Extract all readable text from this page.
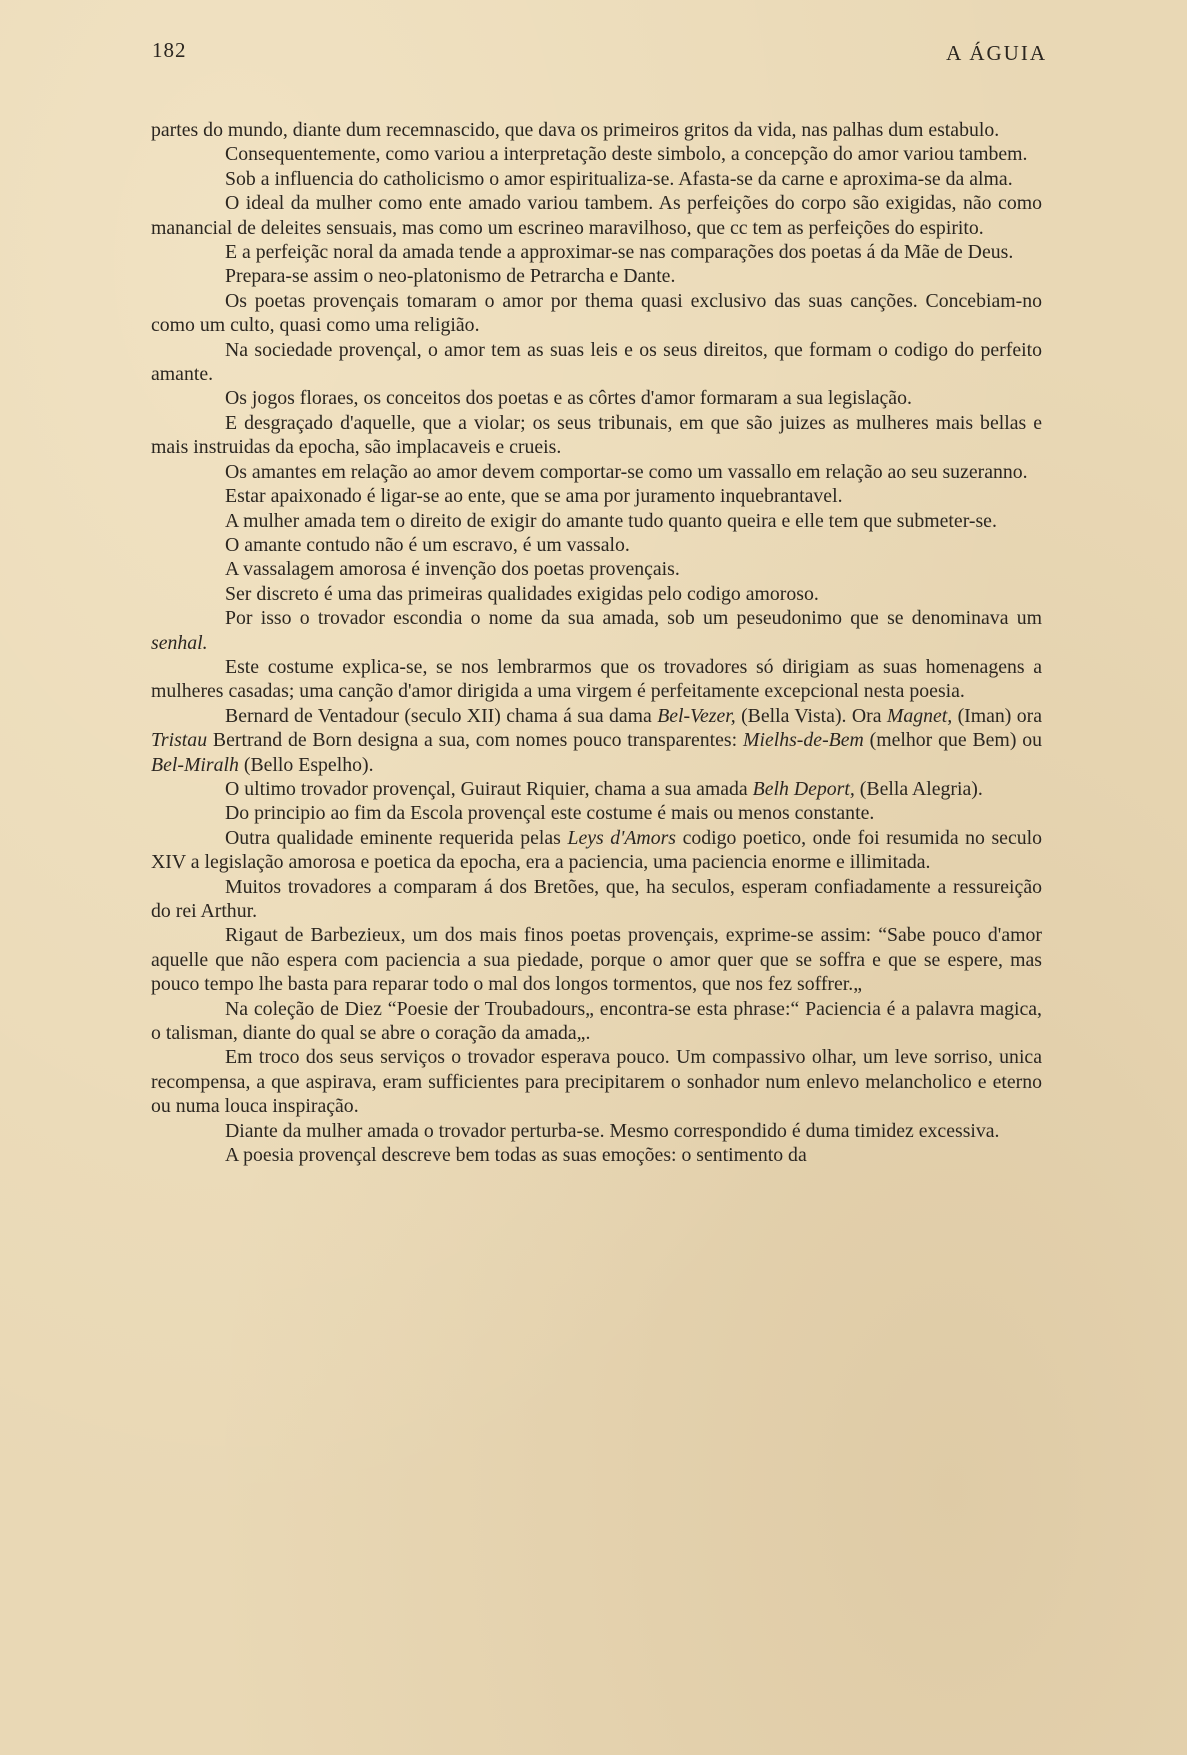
182	A ÁGUIA

partes do mundo, diante dum recemnascido, que dava os primeiros gritos da vida, nas palhas dum estabulo.

Consequentemente, como variou a interpretação deste simbolo, a concepção do amor variou tambem.

Sob a influencia do catholicismo o amor espiritualiza-se. Afasta-se da carne e aproxima-se da alma.

O ideal da mulher como ente amado variou tambem. As perfeições do corpo são exigidas, não como manancial de deleites sensuais, mas como um escrineo maravilhoso, que cc tem as perfeições do espirito.

E a perfeiçãc noral da amada tende a approximar-se nas comparações dos poetas á da Mãe de Deus.

Prepara-se assim o neo-platonismo de Petrarcha e Dante.

Os poetas provençais tomaram o amor por thema quasi exclusivo das suas canções. Concebiam-no como um culto, quasi como uma religião.

Na sociedade provençal, o amor tem as suas leis e os seus direitos, que formam o codigo do perfeito amante.

Os jogos floraes, os conceitos dos poetas e as côrtes d'amor formaram a sua legislação.

E desgraçado d'aquelle, que a violar; os seus tribunais, em que são juizes as mulheres mais bellas e mais instruidas da epocha, são implacaveis e crueis.

Os amantes em relação ao amor devem comportar-se como um vassallo em relação ao seu suzeranno.

Estar apaixonado é ligar-se ao ente, que se ama por juramento inquebrantavel.

A mulher amada tem o direito de exigir do amante tudo quanto queira e elle tem que submeter-se.

O amante contudo não é um escravo, é um vassalo.

A vassalagem amorosa é invenção dos poetas provençais.

Ser discreto é uma das primeiras qualidades exigidas pelo codigo amoroso.

Por isso o trovador escondia o nome da sua amada, sob um peseudonimo que se denominava um senhal.

Este costume explica-se, se nos lembrarmos que os trovadores só dirigiam as suas homenagens a mulheres casadas; uma canção d'amor dirigida a uma virgem é perfeitamente excepcional nesta poesia.

Bernard de Ventadour (seculo XII) chama á sua dama Bel-Vezer, (Bella Vista). Ora Magnet, (Iman) ora Tristau Bertrand de Born designa a sua, com nomes pouco transparentes: Mielhs-de-Bem (melhor que Bem) ou Bel-Miralh (Bello Espelho).

O ultimo trovador provençal, Guiraut Riquier, chama a sua amada Belh Deport, (Bella Alegria).

Do principio ao fim da Escola provençal este costume é mais ou menos constante.

Outra qualidade eminente requerida pelas Leys d'Amors codigo poetico, onde foi resumida no seculo XIV a legislação amorosa e poetica da epocha, era a paciencia, uma paciencia enorme e illimitada.

Muitos trovadores a comparam á dos Bretões, que, ha seculos, esperam confiadamente a ressureição do rei Arthur.

Rigaut de Barbezieux, um dos mais finos poetas provençais, exprime-se assim: “Sabe pouco d'amor aquelle que não espera com paciencia a sua piedade, porque o amor quer que se soffra e que se espere, mas pouco tempo lhe basta para reparar todo o mal dos longos tormentos, que nos fez soffrer.„

Na coleção de Diez “Poesie der Troubadours„ encontra-se esta phrase:“ Paciencia é a palavra magica, o talisman, diante do qual se abre o coração da amada„.

Em troco dos seus serviços o trovador esperava pouco. Um compassivo olhar, um leve sorriso, unica recompensa, a que aspirava, eram sufficientes para precipitarem o sonhador num enlevo melancholico e eterno ou numa louca inspiração.

Diante da mulher amada o trovador perturba-se. Mesmo correspondido é duma timidez excessiva.

A poesia provençal descreve bem todas as suas emoções: o sentimento da
